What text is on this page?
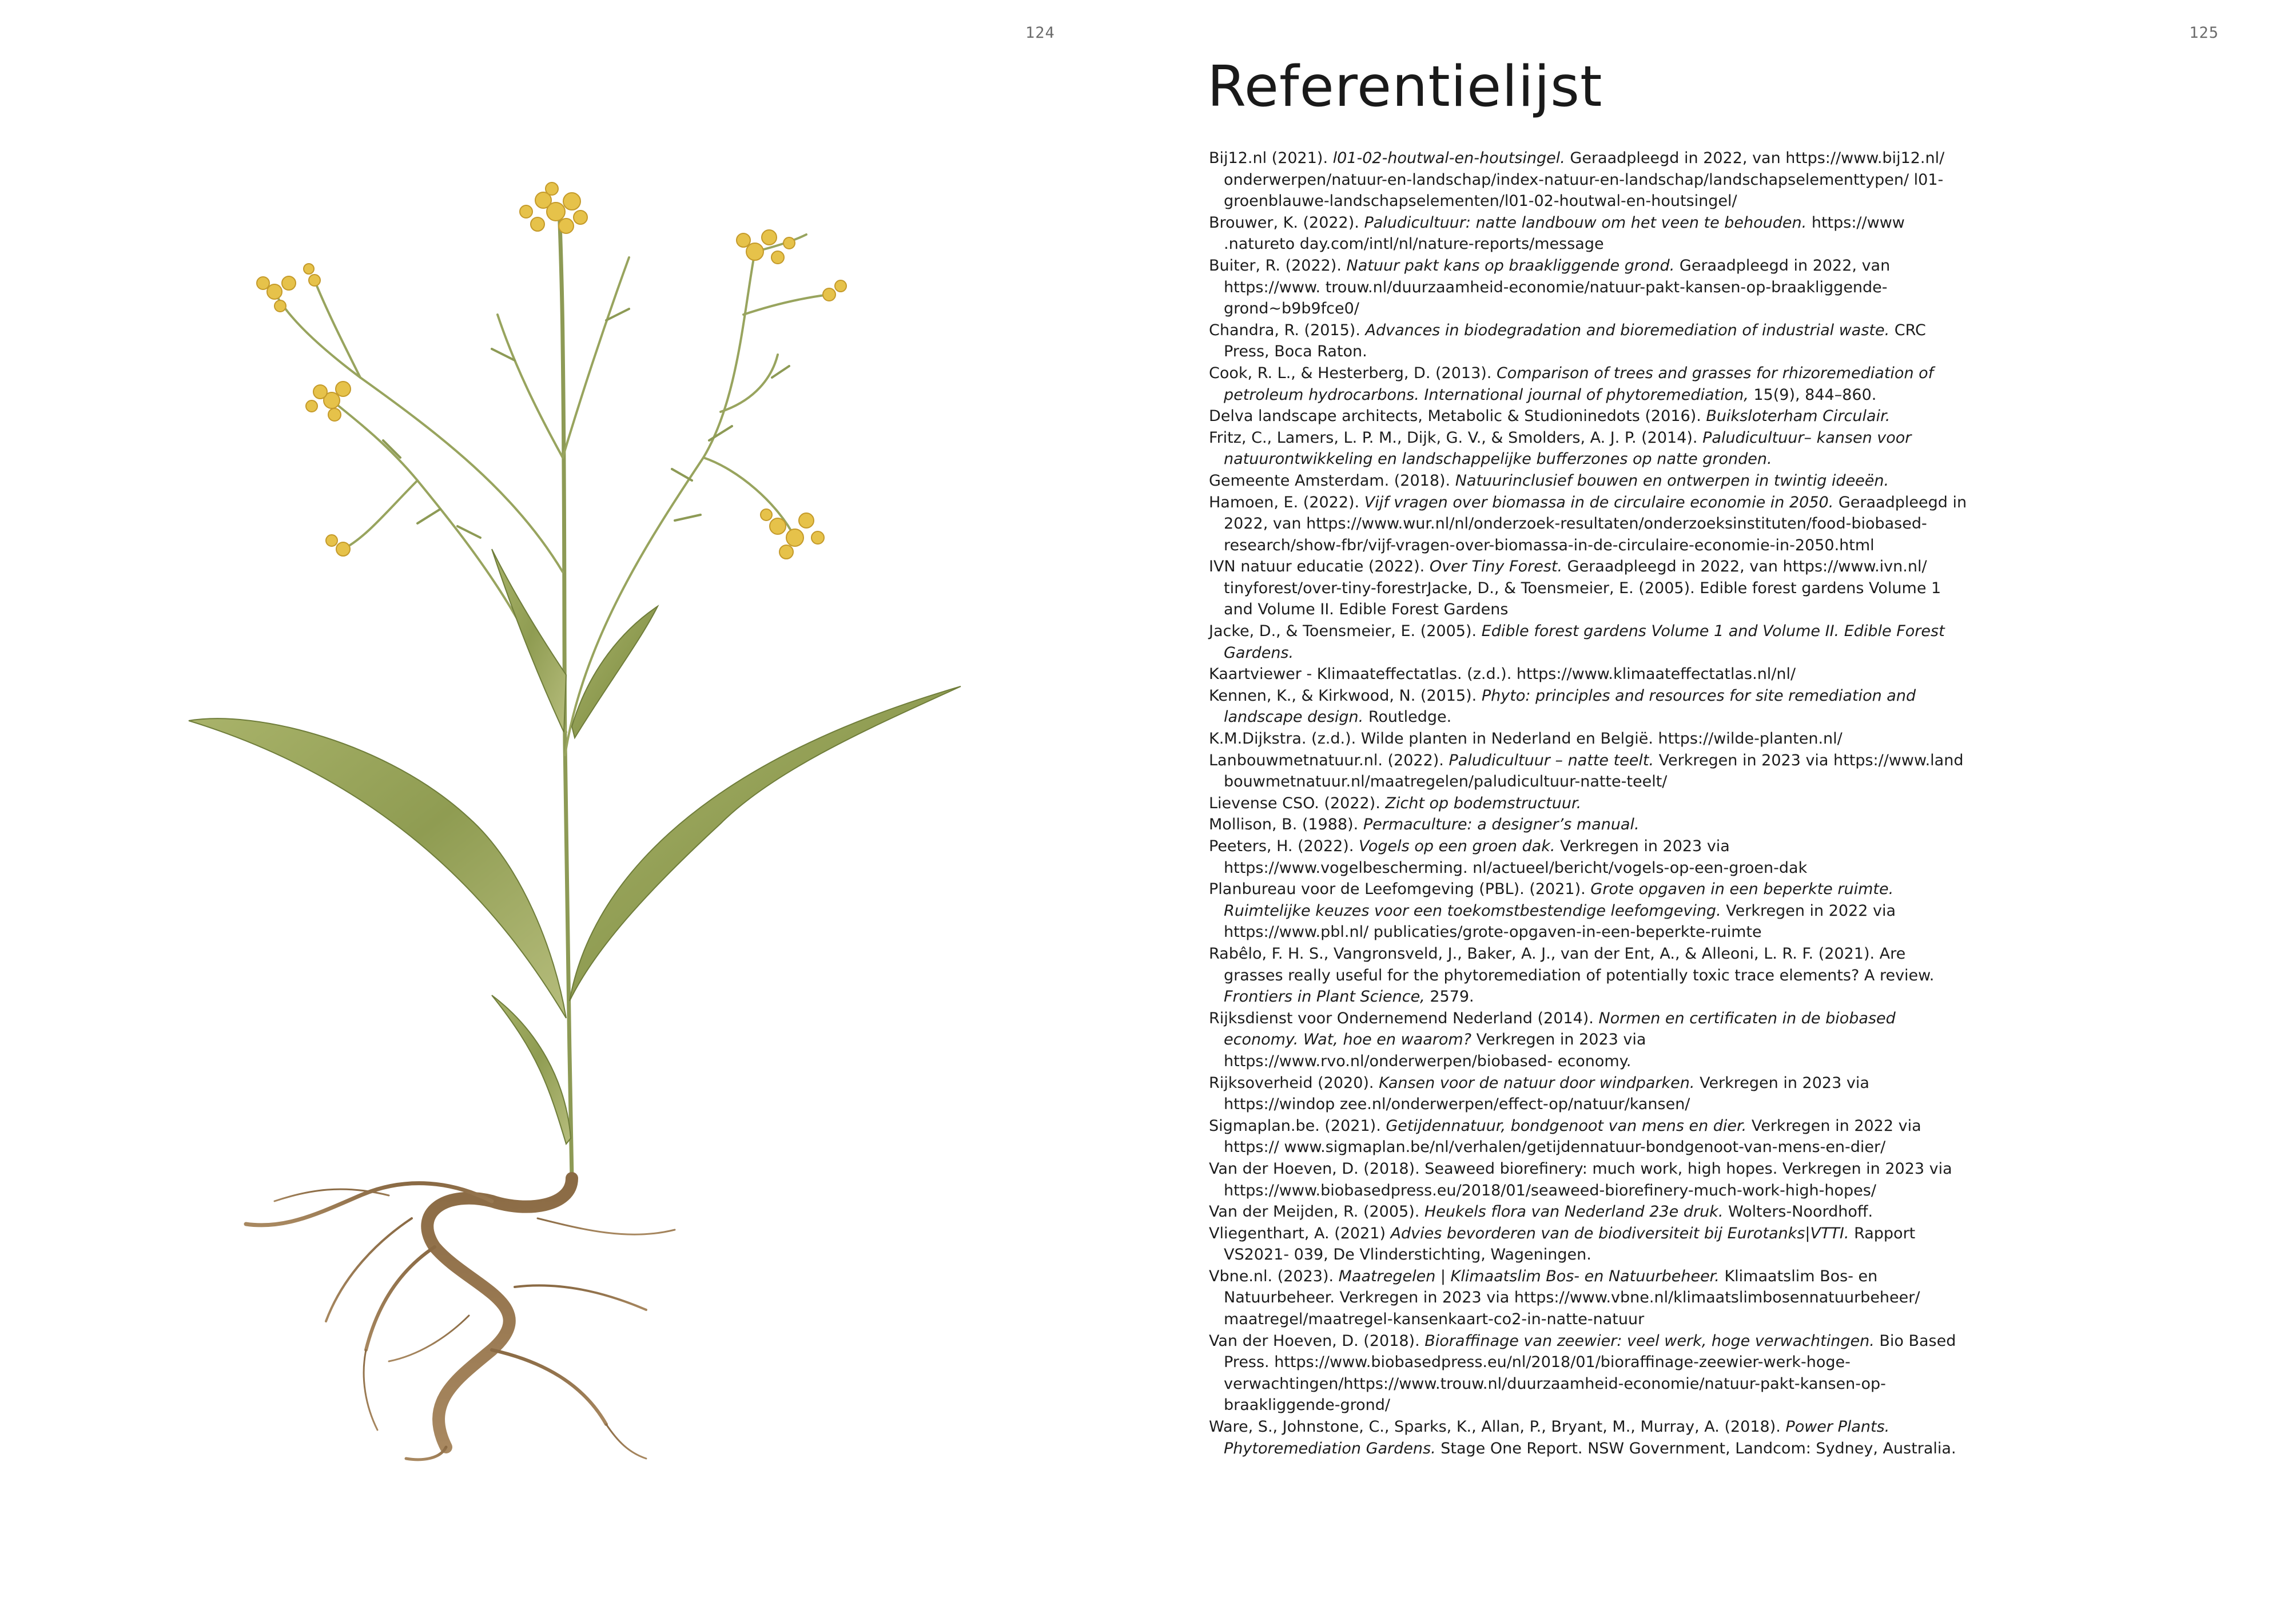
124	125
Referentielijst
Bij12.nl (2021). l01-02-houtwal-en-houtsingel. Geraadpleegd in 2022, van https://www.bij12.nl/ onderwerpen/natuur-en-landschap/index-natuur-en-landschap/landschapselementtypen/ l01-groenblauwe-landschapselementen/l01-02-houtwal-en-houtsingel/
Brouwer, K. (2022). Paludicultuur: natte landbouw om het veen te behouden. https://www .natureto day.com/intl/nl/nature-reports/message
Buiter, R. (2022). Natuur pakt kans op braakliggende grond. Geraadpleegd in 2022, van https://www. trouw.nl/duurzaamheid-economie/natuur-pakt-kansen-op-braakliggende-grond~b9b9fce0/
Chandra, R. (2015). Advances in biodegradation and bioremediation of industrial waste. CRC Press, Boca Raton.
Cook, R. L., & Hesterberg, D. (2013). Comparison of trees and grasses for rhizoremediation of petroleum hydrocarbons. International journal of phytoremediation, 15(9), 844–860.
Delva landscape architects, Metabolic & Studioninedots (2016). Buiksloterham Circulair.
Fritz, C., Lamers, L. P. M., Dijk, G. V., & Smolders, A. J. P. (2014). Paludicultuur– kansen voor natuurontwikkeling en landschappelijke bufferzones op natte gronden.
Gemeente Amsterdam. (2018). Natuurinclusief bouwen en ontwerpen in twintig ideeën.
Hamoen, E. (2022). Vijf vragen over biomassa in de circulaire economie in 2050. Geraadpleegd in 2022, van https://www.wur.nl/nl/onderzoek-resultaten/onderzoeksinstituten/food-biobased- research/show-fbr/vijf-vragen-over-biomassa-in-de-circulaire-economie-in-2050.html
IVN natuur educatie (2022). Over Tiny Forest. Geraadpleegd in 2022, van https://www.ivn.nl/ tinyforest/over-tiny-forestrJacke, D., & Toensmeier, E. (2005). Edible forest gardens Volume 1 and Volume II. Edible Forest Gardens
Jacke, D., & Toensmeier, E. (2005). Edible forest gardens Volume 1 and Volume II. Edible Forest Gardens.
Kaartviewer - Klimaateffectatlas. (z.d.). https://www.klimaateffectatlas.nl/nl/
Kennen, K., & Kirkwood, N. (2015). Phyto: principles and resources for site remediation and landscape design. Routledge.
K.M.Dijkstra. (z.d.). Wilde planten in Nederland en België. https://wilde-planten.nl/
Lanbouwmetnatuur.nl. (2022). Paludicultuur – natte teelt. Verkregen in 2023 via https://www.land bouwmetnatuur.nl/maatregelen/paludicultuur-natte-teelt/
Lievense CSO. (2022). Zicht op bodemstructuur.
Mollison, B. (1988). Permaculture: a designer’s manual.
Peeters, H. (2022). Vogels op een groen dak. Verkregen in 2023 via https://www.vogelbescherming. nl/actueel/bericht/vogels-op-een-groen-dak
Planbureau voor de Leefomgeving (PBL). (2021). Grote opgaven in een beperkte ruimte. Ruimtelijke keuzes voor een toekomstbestendige leefomgeving. Verkregen in 2022 via https://www.pbl.nl/ publicaties/grote-opgaven-in-een-beperkte-ruimte
Rabêlo, F. H. S., Vangronsveld, J., Baker, A. J., van der Ent, A., & Alleoni, L. R. F. (2021). Are grasses really useful for the phytoremediation of potentially toxic trace elements? A review. Frontiers in Plant Science, 2579.
Rijksdienst voor Ondernemend Nederland (2014). Normen en certificaten in de biobased economy. Wat, hoe en waarom? Verkregen in 2023 via https://www.rvo.nl/onderwerpen/biobased- economy.
Rijksoverheid (2020). Kansen voor de natuur door windparken. Verkregen in 2023 via https://windop zee.nl/onderwerpen/effect-op/natuur/kansen/
Sigmaplan.be. (2021). Getijdennatuur, bondgenoot van mens en dier. Verkregen in 2022 via https:// www.sigmaplan.be/nl/verhalen/getijdennatuur-bondgenoot-van-mens-en-dier/
Van der Hoeven, D. (2018). Seaweed biorefinery: much work, high hopes. Verkregen in 2023 via https://www.biobasedpress.eu/2018/01/seaweed-biorefinery-much-work-high-hopes/
Van der Meijden, R. (2005). Heukels flora van Nederland 23e druk. Wolters-Noordhoff.
Vliegenthart, A. (2021) Advies bevorderen van de biodiversiteit bij Eurotanks|VTTI. Rapport VS2021- 039, De Vlinderstichting, Wageningen.
Vbne.nl. (2023). Maatregelen | Klimaatslim Bos- en Natuurbeheer. Klimaatslim Bos- en Natuurbeheer. Verkregen in 2023 via https://www.vbne.nl/klimaatslimbosennatuurbeheer/ maatregel/maatregel-kansenkaart-co2-in-natte-natuur
Van der Hoeven, D. (2018). Bioraffinage van zeewier: veel werk, hoge verwachtingen. Bio Based Press. https://www.biobasedpress.eu/nl/2018/01/bioraffinage-zeewier-werk-hoge- verwachtingen/https://www.trouw.nl/duurzaamheid-economie/natuur-pakt-kansen-op- braakliggende-grond/
Ware, S., Johnstone, C., Sparks, K., Allan, P., Bryant, M., Murray, A. (2018). Power Plants. Phytoremediation Gardens. Stage One Report. NSW Government, Landcom: Sydney, Australia.
